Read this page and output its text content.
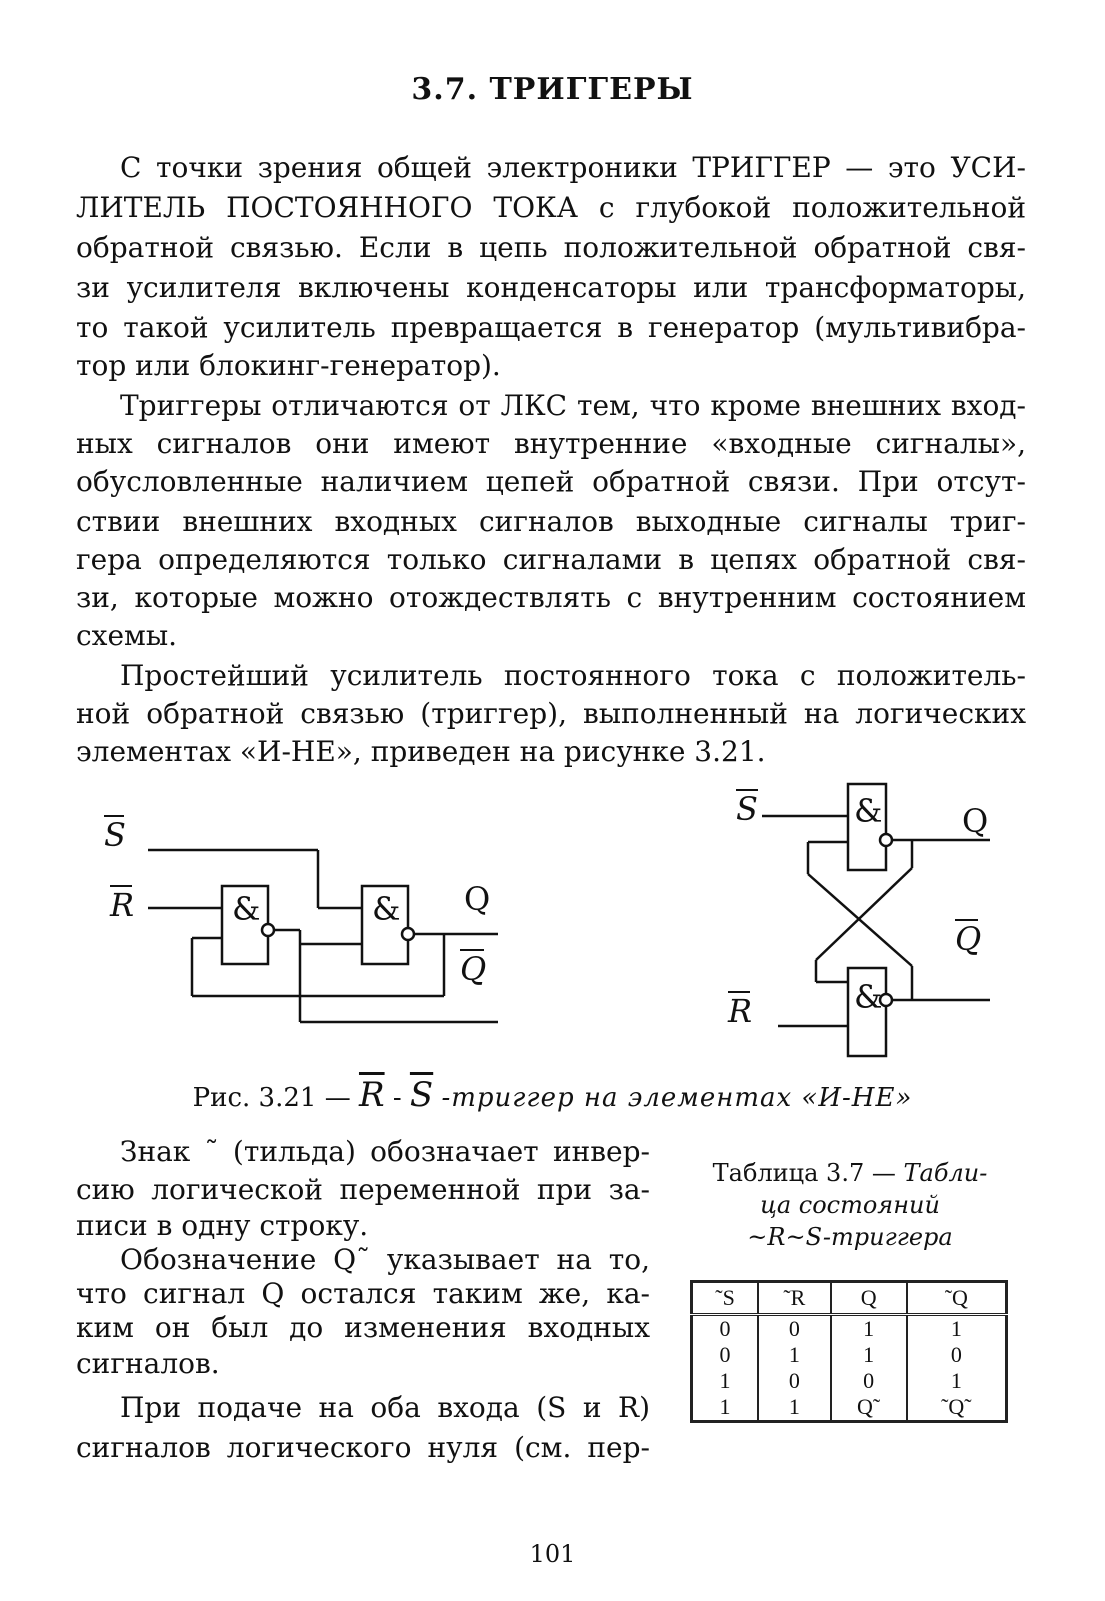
3.7. ТРИГГЕРЫ
С точки зрения общей электроники ТРИГГЕР — это УСИ-
ЛИТЕЛЬ ПОСТОЯННОГО ТОКА с глубокой положительной
обратной связью. Если в цепь положительной обратной свя-
зи усилителя включены конденсаторы или трансформаторы,
то такой усилитель превращается в генератор (мультивибра-
тор или блокинг-генератор).
Триггеры отличаются от ЛКС тем, что кроме внешних вход-
ных сигналов они имеют внутренние «входные сигналы»,
обусловленные наличием цепей обратной связи. При отсут-
ствии внешних входных сигналов выходные сигналы триг-
гера определяются только сигналами в цепях обратной свя-
зи, которые можно отождествлять с внутренним состоянием
схемы.
Простейший усилитель постоянного тока с положитель-
ной обратной связью (триггер), выполненный на логических
элементах «И-НЕ», приведен на рисунке 3.21.
S
R
S
R
Q
Q
&	&
&
&
Q
Q
Рис. 3.21 — $\overline{R} - \overline{S}$ -триггер на элементах «И-НЕ»
Знак ˜ (тильда) обозначает инвер-
сию логической переменной при за-
писи в одну строку.
Обозначение Q˜ указывает на то,
что сигнал Q остался таким же, ка-
ким он был до изменения входных
сигналов.
При подаче на оба входа (S и R)
сигналов логического нуля (см. пер-
Таблица 3.7 — Табли-
ца состояний
~R~S-триггера
˜S	˜R	Q	˜Q
0	0	1	1
0	1	1	0
1	0	0	1
1	1	Q˜	˜Q˜
101
